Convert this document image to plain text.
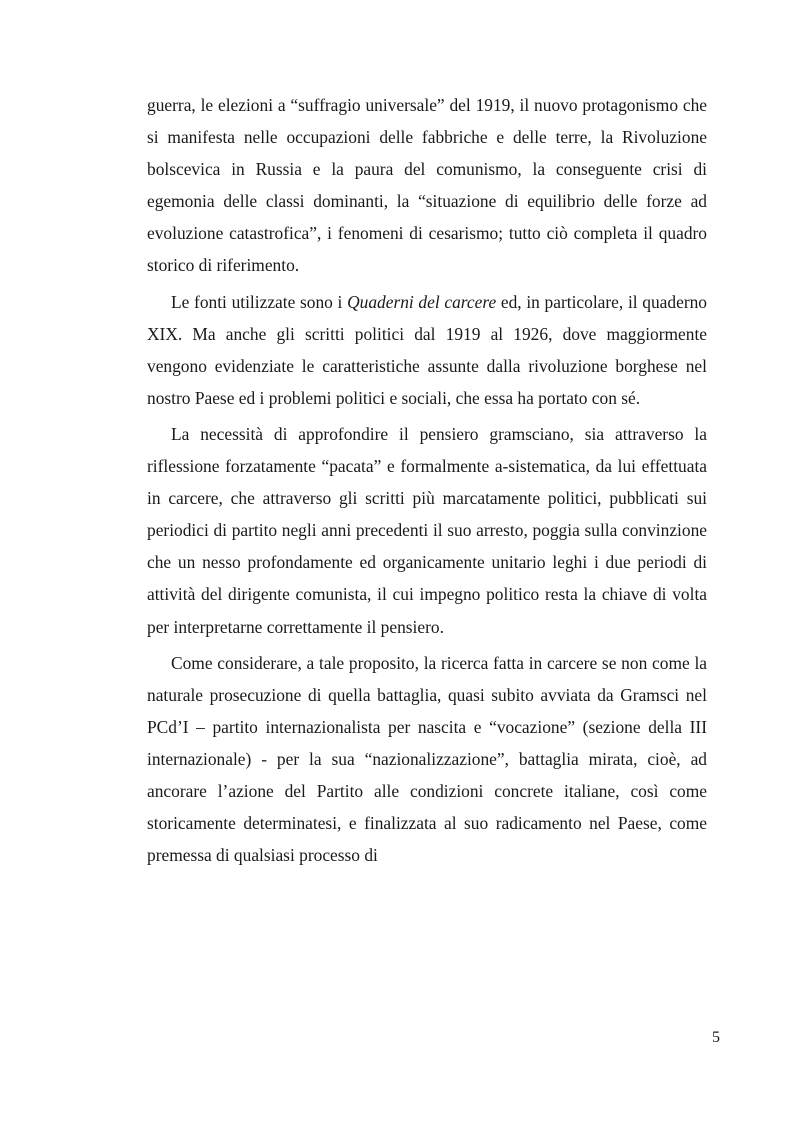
guerra, le elezioni a “suffragio universale” del 1919, il nuovo protagonismo che si manifesta nelle occupazioni delle fabbriche e delle terre, la Rivoluzione bolscevica in Russia e la paura del comunismo, la conseguente crisi di egemonia delle classi dominanti, la “situazione di equilibrio delle forze ad evoluzione catastrofica”, i fenomeni di cesarismo; tutto ciò completa il quadro storico di riferimento.

Le fonti utilizzate sono i Quaderni del carcere ed, in particolare, il quaderno XIX. Ma anche gli scritti politici dal 1919 al 1926, dove maggiormente vengono evidenziate le caratteristiche assunte dalla rivoluzione borghese nel nostro Paese ed i problemi politici e sociali, che essa ha portato con sé.

La necessità di approfondire il pensiero gramsciano, sia attraverso la riflessione forzatamente “pacata” e formalmente a-sistematica, da lui effettuata in carcere, che attraverso gli scritti più marcatamente politici, pubblicati sui periodici di partito negli anni precedenti il suo arresto, poggia sulla convinzione che un nesso profondamente ed organicamente unitario leghi i due periodi di attività del dirigente comunista, il cui impegno politico resta la chiave di volta per interpretarne correttamente il pensiero.

Come considerare, a tale proposito, la ricerca fatta in carcere se non come la naturale prosecuzione di quella battaglia, quasi subito avviata da Gramsci nel PCd’I – partito internazionalista per nascita e “vocazione” (sezione della III internazionale) - per la sua “nazionalizzazione”, battaglia mirata, cioè, ad ancorare l’azione del Partito alle condizioni concrete italiane, così come storicamente determinatesi, e finalizzata al suo radicamento nel Paese, come premessa di qualsiasi processo di

5
